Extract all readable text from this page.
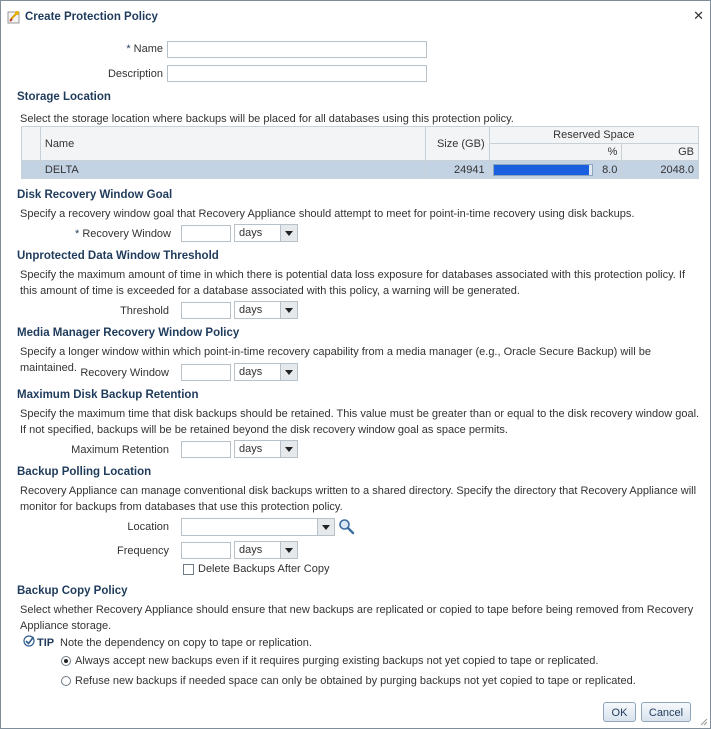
Create Protection Policy	✕
* Name
Description
Storage Location
Select the storage location where backups will be placed for all databases using this protection policy.
	Name	Size (GB)	Reserved Space	
			%	GB
	DELTA	24941	8.0	2048.0
Disk Recovery Window Goal
Specify a recovery window goal that Recovery Appliance should attempt to meet for point-in-time recovery using disk backups.
* Recovery Window	days
Unprotected Data Window Threshold
Specify the maximum amount of time in which there is potential data loss exposure for databases associated with this protection policy. If this amount of time is exceeded for a database associated with this policy, a warning will be generated.
Threshold	days
Media Manager Recovery Window Policy
Specify a longer window within which point-in-time recovery capability from a media manager (e.g., Oracle Secure Backup) will be maintained. Recovery Window	days
Maximum Disk Backup Retention
Specify the maximum time that disk backups should be retained. This value must be greater than or equal to the disk recovery window goal. If not specified, backups will be be retained beyond the disk recovery window goal as space permits.
Maximum Retention	days
Backup Polling Location
Recovery Appliance can manage conventional disk backups written to a shared directory. Specify the directory that Recovery Appliance will monitor for backups from databases that use this protection policy.
Location
Frequency	days
Delete Backups After Copy
Backup Copy Policy
Select whether Recovery Appliance should ensure that new backups are replicated or copied to tape before being removed from Recovery Appliance storage.
TIP Note the dependency on copy to tape or replication.
Always accept new backups even if it requires purging existing backups not yet copied to tape or replicated.
Refuse new backups if needed space can only be obtained by purging backups not yet copied to tape or replicated.
OK	Cancel
